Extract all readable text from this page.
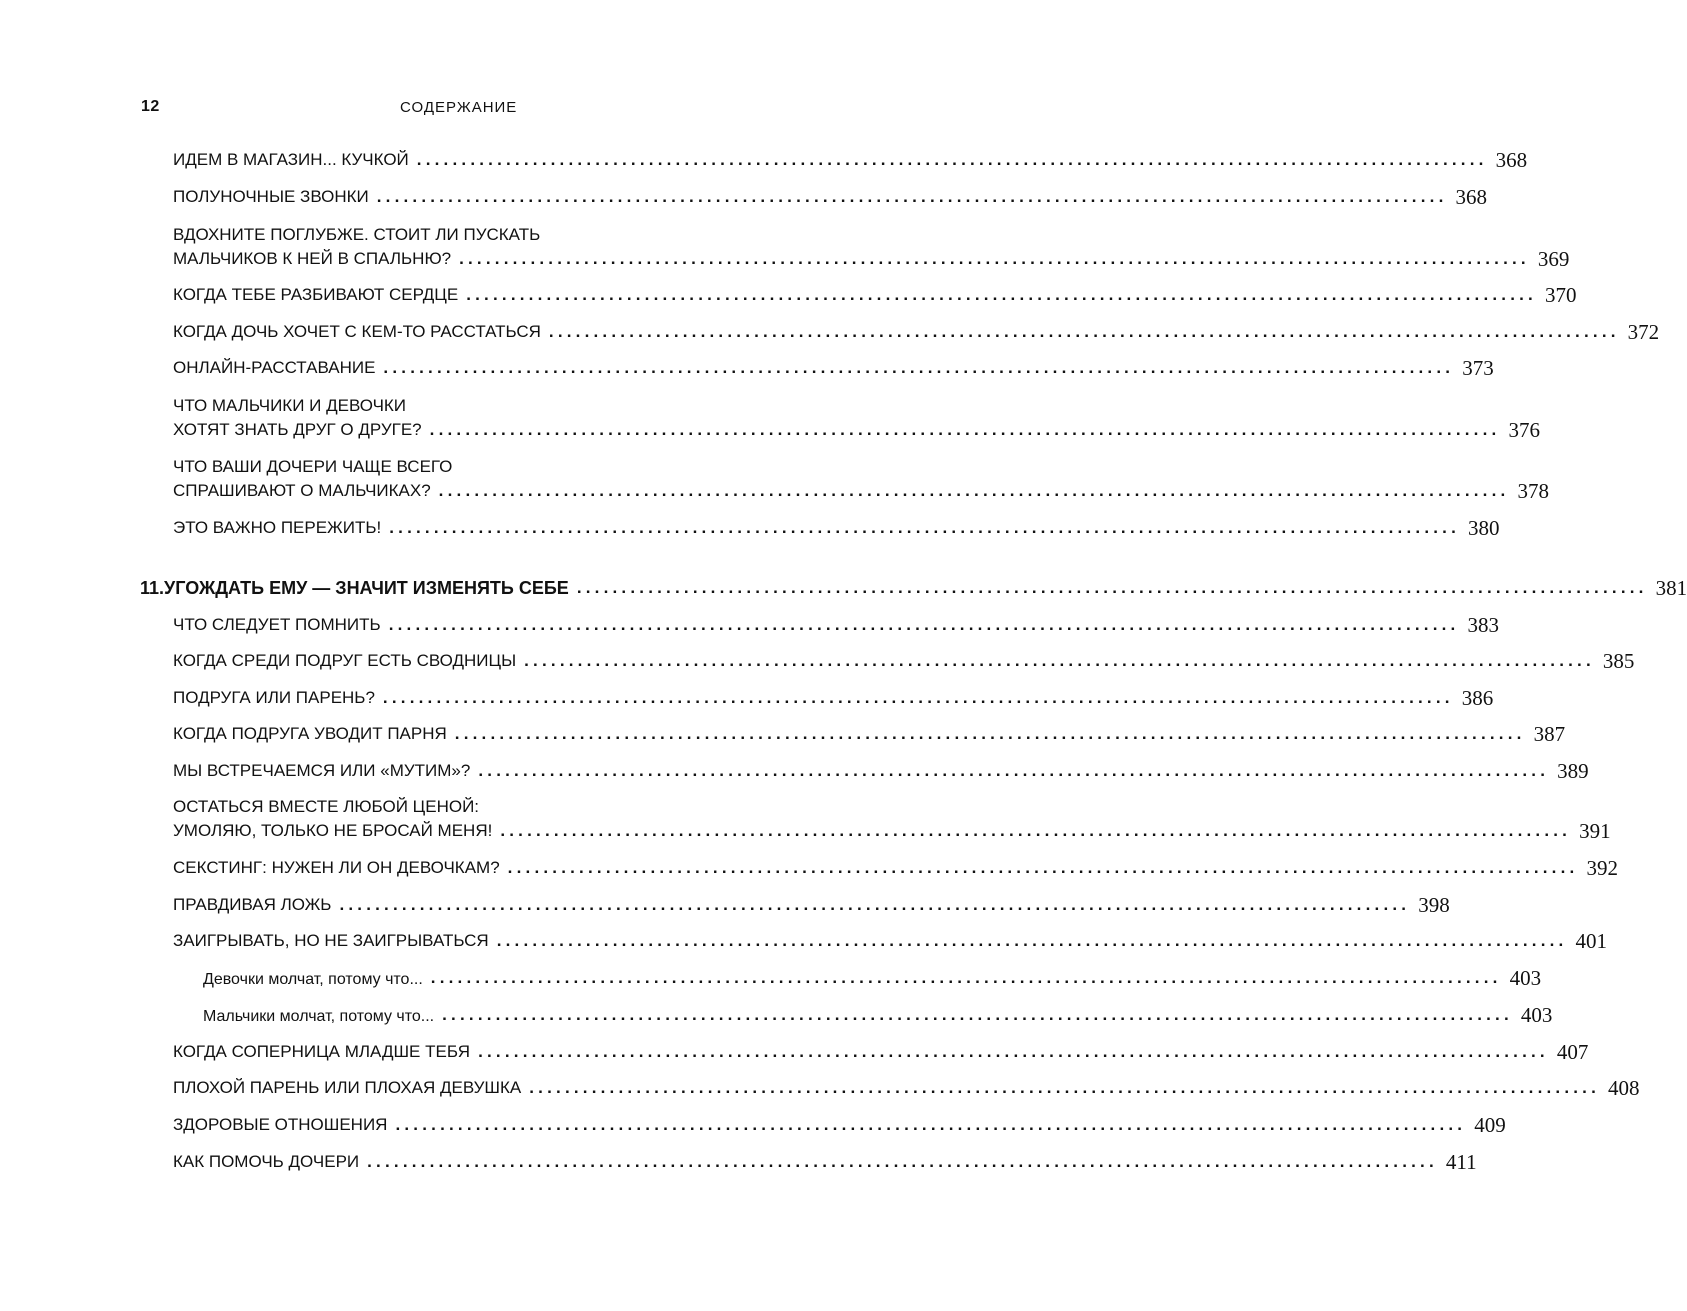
12	СОДЕРЖАНИЕ
ИДЕМ В МАГАЗИН... КУЧКОЙ ........................................................................................................................ 368
ПОЛУНОЧНЫЕ ЗВОНКИ ........................................................................................................................ 368
ВДОХНИТЕ ПОГЛУБЖЕ. СТОИТ ЛИ ПУСКАТЬ
МАЛЬЧИКОВ К НЕЙ В СПАЛЬНЮ? ........................................................................................................................ 369
КОГДА ТЕБЕ РАЗБИВАЮТ СЕРДЦЕ ........................................................................................................................ 370
КОГДА ДОЧЬ ХОЧЕТ С КЕМ-ТО РАССТАТЬСЯ ........................................................................................................................ 372
ОНЛАЙН-РАССТАВАНИЕ ........................................................................................................................ 373
ЧТО МАЛЬЧИКИ И ДЕВОЧКИ
ХОТЯТ ЗНАТЬ ДРУГ О ДРУГЕ? ........................................................................................................................ 376
ЧТО ВАШИ ДОЧЕРИ ЧАЩЕ ВСЕГО
СПРАШИВАЮТ О МАЛЬЧИКАХ? ........................................................................................................................ 378
ЭТО ВАЖНО ПЕРЕЖИТЬ! ........................................................................................................................ 380
11. УГОЖДАТЬ ЕМУ — ЗНАЧИТ ИЗМЕНЯТЬ СЕБЕ ........................................................................................................................ 381
ЧТО СЛЕДУЕТ ПОМНИТЬ ........................................................................................................................ 383
КОГДА СРЕДИ ПОДРУГ ЕСТЬ СВОДНИЦЫ ........................................................................................................................ 385
ПОДРУГА ИЛИ ПАРЕНЬ? ........................................................................................................................ 386
КОГДА ПОДРУГА УВОДИТ ПАРНЯ ........................................................................................................................ 387
МЫ ВСТРЕЧАЕМСЯ ИЛИ «МУТИМ»? ........................................................................................................................ 389
ОСТАТЬСЯ ВМЕСТЕ ЛЮБОЙ ЦЕНОЙ:
УМОЛЯЮ, ТОЛЬКО НЕ БРОСАЙ МЕНЯ! ........................................................................................................................ 391
СЕКСТИНГ: НУЖЕН ЛИ ОН ДЕВОЧКАМ? ........................................................................................................................ 392
ПРАВДИВАЯ ЛОЖЬ ........................................................................................................................ 398
ЗАИГРЫВАТЬ, НО НЕ ЗАИГРЫВАТЬСЯ ........................................................................................................................ 401
Девочки молчат, потому что... ........................................................................................................................ 403
Мальчики молчат, потому что... ........................................................................................................................ 403
КОГДА СОПЕРНИЦА МЛАДШЕ ТЕБЯ ........................................................................................................................ 407
ПЛОХОЙ ПАРЕНЬ ИЛИ ПЛОХАЯ ДЕВУШКА ........................................................................................................................ 408
ЗДОРОВЫЕ ОТНОШЕНИЯ ........................................................................................................................ 409
КАК ПОМОЧЬ ДОЧЕРИ ........................................................................................................................ 411
